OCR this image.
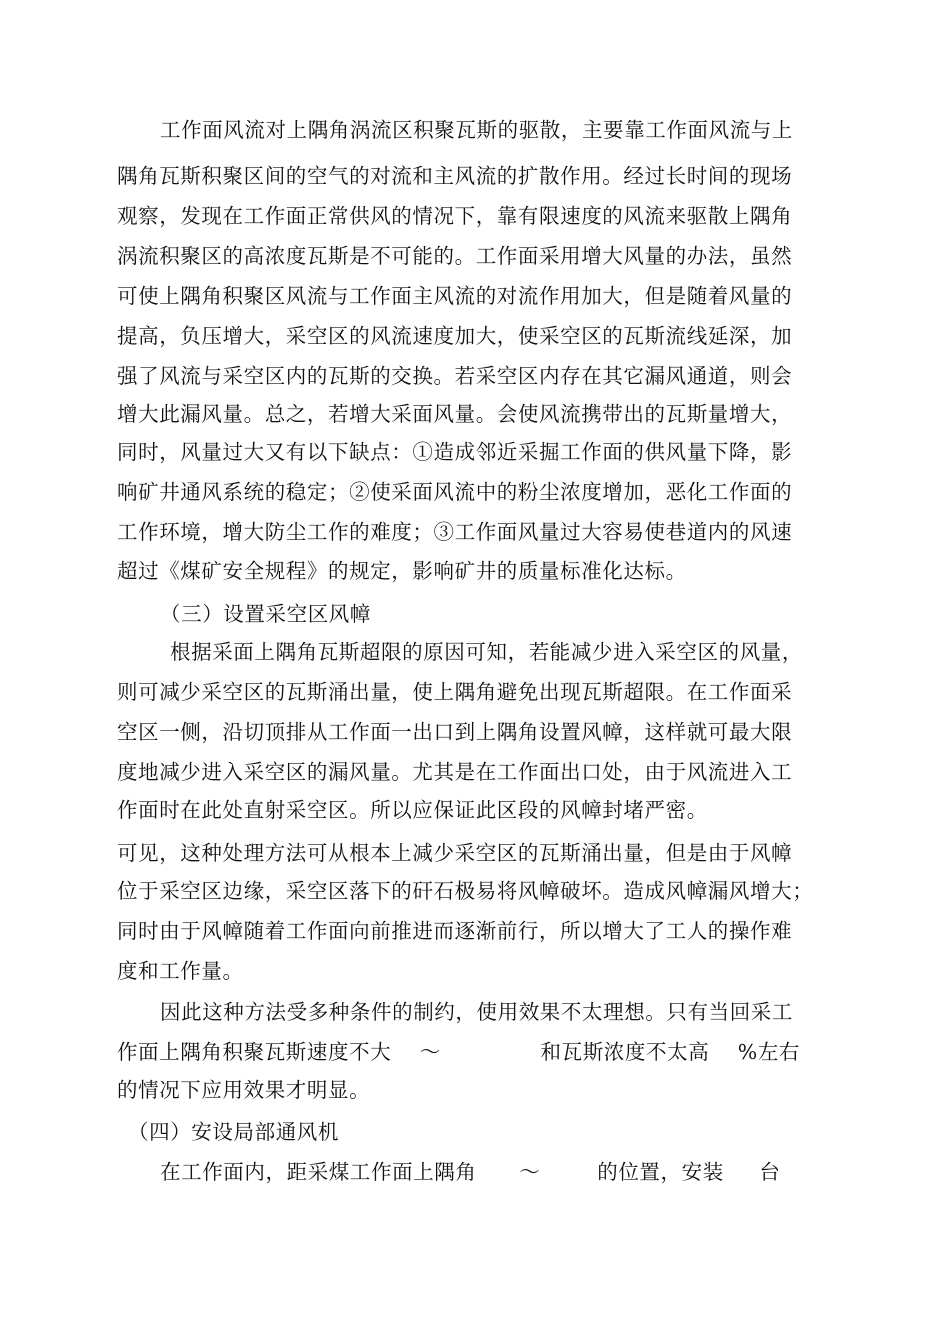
工作面风流对上隅角涡流区积聚瓦斯的驱散，主要靠工作面风流与上
隅角瓦斯积聚区间的空气的对流和主风流的扩散作用。经过长时间的现场
观察，发现在工作面正常供风的情况下，靠有限速度的风流来驱散上隅角
涡流积聚区的高浓度瓦斯是不可能的。工作面采用增大风量的办法，虽然
可使上隅角积聚区风流与工作面主风流的对流作用加大，但是随着风量的
提高，负压增大，采空区的风流速度加大，使采空区的瓦斯流线延深，加
强了风流与采空区内的瓦斯的交换。若采空区内存在其它漏风通道，则会
增大此漏风量。总之，若增大采面风量。会使风流携带出的瓦斯量增大，
同时，风量过大又有以下缺点：①造成邻近采掘工作面的供风量下降，影
响矿井通风系统的稳定；②使采面风流中的粉尘浓度增加，恶化工作面的
工作环境，增大防尘工作的难度；③工作面风量过大容易使巷道内的风速
超过《煤矿安全规程》的规定，影响矿井的质量标准化达标。
（三）设置采空区风幛
根据采面上隅角瓦斯超限的原因可知，若能减少进入采空区的风量，
则可减少采空区的瓦斯涌出量，使上隅角避免出现瓦斯超限。在工作面采
空区一侧，沿切顶排从工作面一出口到上隅角设置风幛，这样就可最大限
度地减少进入采空区的漏风量。尤其是在工作面出口处，由于风流进入工
作面时在此处直射采空区。所以应保证此区段的风幛封堵严密。
可见，这种处理方法可从根本上减少采空区的瓦斯涌出量，但是由于风幛
位于采空区边缘，采空区落下的矸石极易将风幛破坏。造成风幛漏风增大；
同时由于风幛随着工作面向前推进而逐渐前行，所以增大了工人的操作难
度和工作量。
因此这种方法受多种条件的制约，使用效果不太理想。只有当回采工
作面上隅角积聚瓦斯速度不大    ～              和瓦斯浓度不太高    %左右
的情况下应用效果才明显。
（四）安设局部通风机
在工作面内，距采煤工作面上隅角      ～        的位置，安装     台
